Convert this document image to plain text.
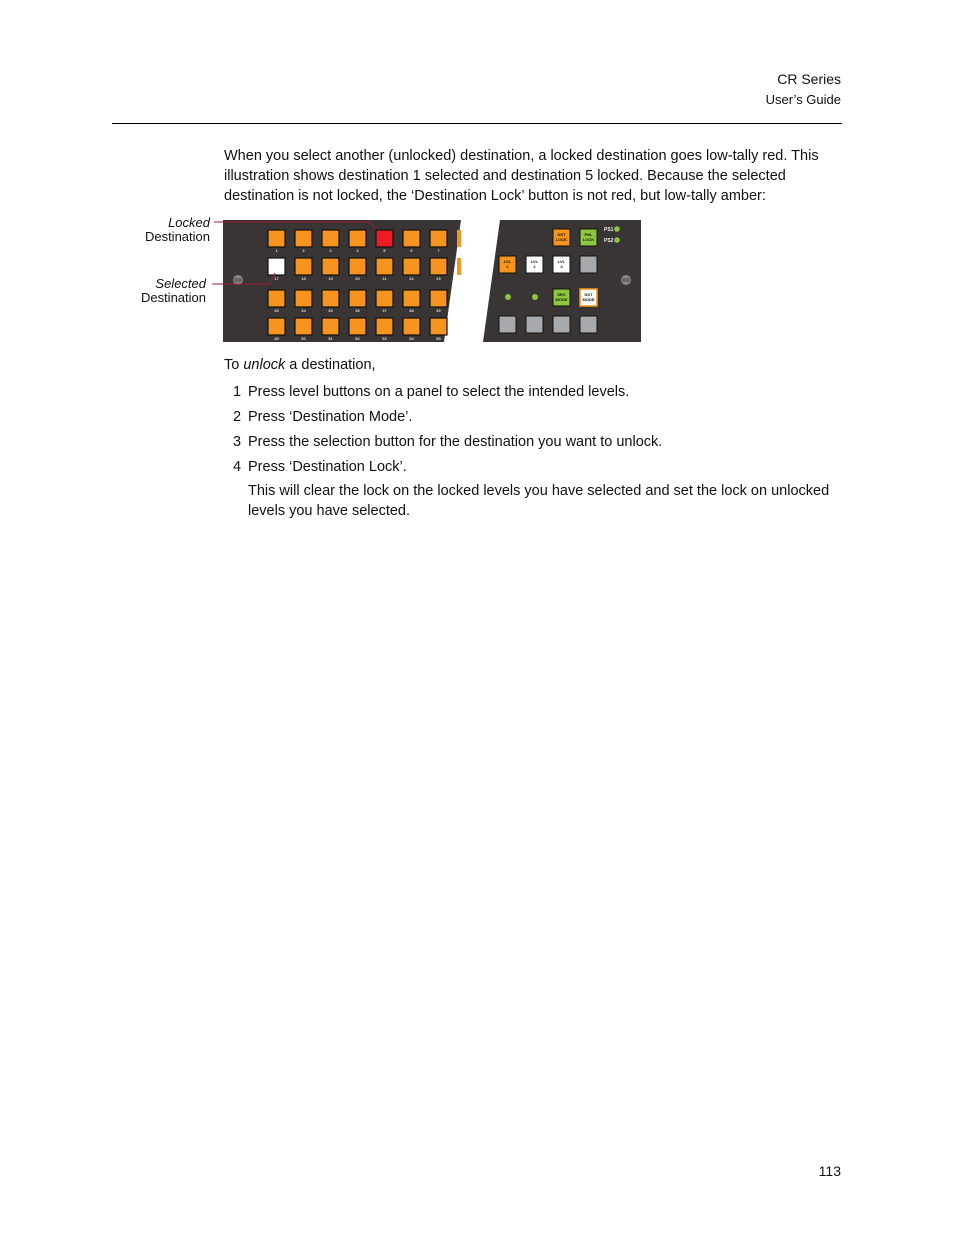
CR Series
User’s Guide

When you select another (unlocked) destination, a locked destination goes low-tally red. This illustration shows destination 1 selected and destination 5 locked. Because the selected destination is not locked, the ‘Destination Lock’ button is not red, but low-tally amber:

Locked
Destination
Selected
Destination
1	2	3	4	5	6	7
17	18	19	20	21	22	23
33	34	35	36	37	38	39
49	50	51	52	53	54	55
DST
LOCK
PNL
LOCK
PS1
PS2
LVL
1
LVL
2
LVL
3
SRC
MODE
DST
MODE
To unlock a destination,
1 Press level buttons on a panel to select the intended levels.
2 Press ‘Destination Mode’.
3 Press the selection button for the destination you want to unlock.
4 Press ‘Destination Lock’.

This will clear the lock on the locked levels you have selected and set the lock on unlocked levels you have selected.

113
